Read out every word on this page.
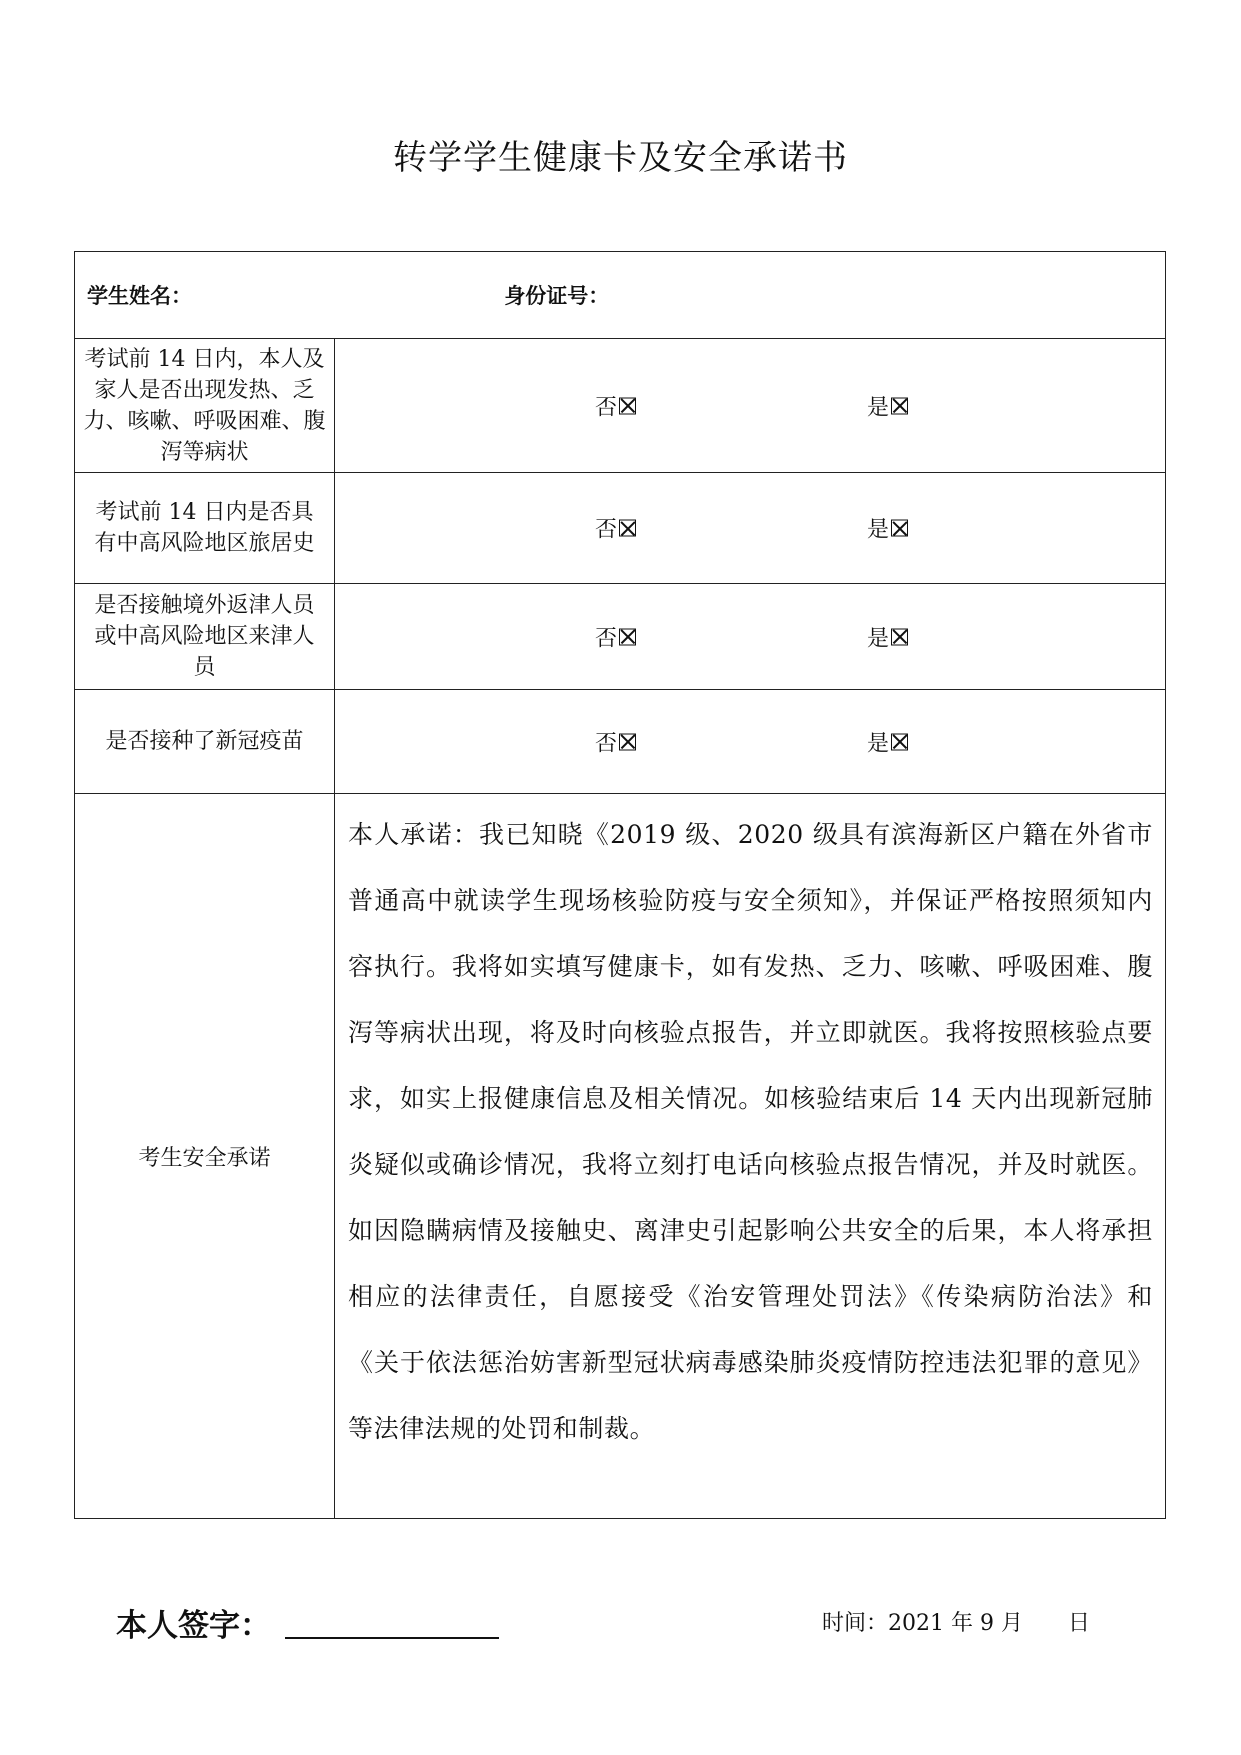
转学学生健康卡及安全承诺书
学生姓名： 身份证号：	
考试前 14 日内，本人及家人是否出现发热、乏力、咳嗽、呼吸困难、腹泻等病状	否 是

考试前 14 日内是否具有中高风险地区旅居史	否 是

是否接触境外返津人员或中高风险地区来津人员	否 是

是否接种了新冠疫苗	否 是

考生安全承诺	本人承诺：我已知晓《2019 级、2020 级具有滨海新区户籍在外省市普通高中就读学生现场核验防疫与安全须知》，并保证严格按照须知内容执行。我将如实填写健康卡，如有发热、乏力、咳嗽、呼吸困难、腹泻等病状出现，将及时向核验点报告，并立即就医。我将按照核验点要求，如实上报健康信息及相关情况。如核验结束后 14 天内出现新冠肺炎疑似或确诊情况，我将立刻打电话向核验点报告情况，并及时就医。如因隐瞒病情及接触史、离津史引起影响公共安全的后果，本人将承担相应的法律责任，自愿接受《治安管理处罚法》《传染病防治法》和《关于依法惩治妨害新型冠状病毒感染肺炎疫情防控违法犯罪的意见》等法律法规的处罚和制裁。
本人签字：	时间：2021 年 9 月 日
